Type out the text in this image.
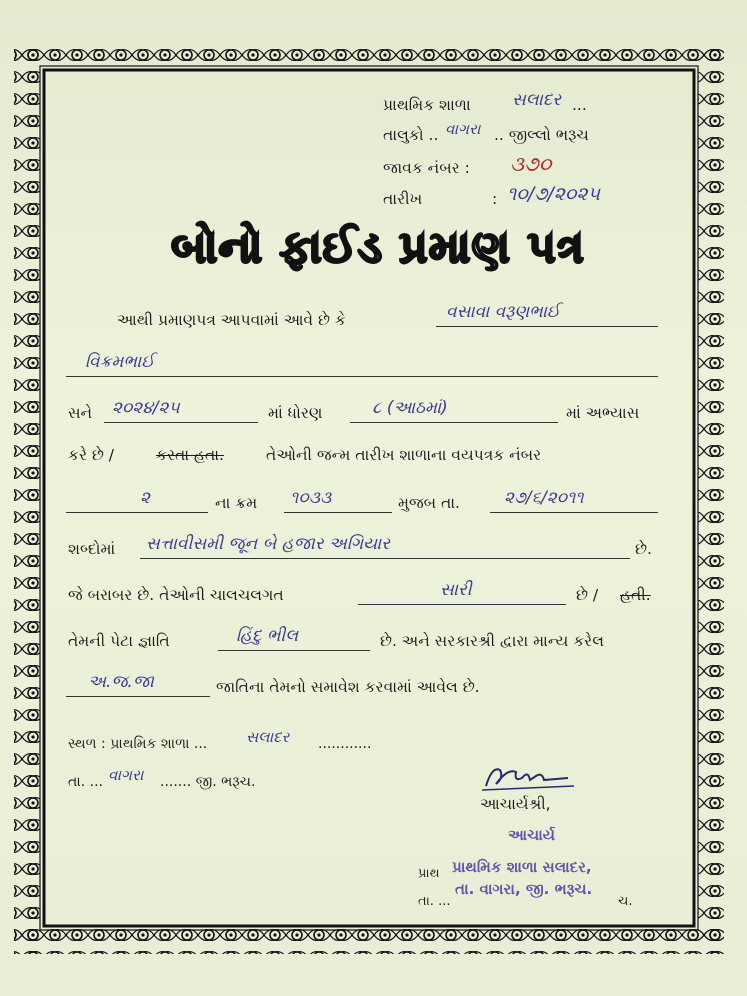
પ્રાથમિક શાળા સલાદર ...
તાલુકો .. વાગરા .. જીલ્લો ભરૂચ
જાવક નંબર : ૩૭૦
તારીખ	: ૧૦/૭/૨૦૨૫
બોનો ફાઈડ પ્રમાણ પત્ર
આથી પ્રમાણપત્ર આપવામાં આવે છે કે	વસાવા વરૂણભાઈ
વિક્રમભાઈ
સને ૨૦૨૪/૨૫	માં ધોરણ	૮ (આઠમાં)	માં અભ્યાસ
કરે છે /	કરતા હતા.	તેઓની જન્મ તારીખ શાળાના વયપત્રક નંબર
૨	ના ક્રમ ૧૦૩૩	મુજબ તા.	૨૭/૬/૨૦૧૧
શબ્દોમાં સત્તાવીસમી જૂન બે હજાર અગિયાર	છે.
જે બરાબર છે. તેઓની ચાલચલગત	સારી	છે / હતી.
તેમની પેટા જ્ઞાતિ	હિંદુ ભીલ	છે. અને સરકારશ્રી દ્વારા માન્ય કરેલ
અ.જ.જા	જાતિના તેમનો સમાવેશ કરવામાં આવેલ છે.
સ્થળ : પ્રાથમિક શાળા ...	સલાદર ............
તા. ... વાગરા ....... જી. ભરૂચ.
આચાર્યશ્રી,
આચાર્ય
પ્રાથ પ્રાથમિક શાળા સલાદર,
તા. ...
તા. વાગરા, જી. ભરૂચ.
ચ.
